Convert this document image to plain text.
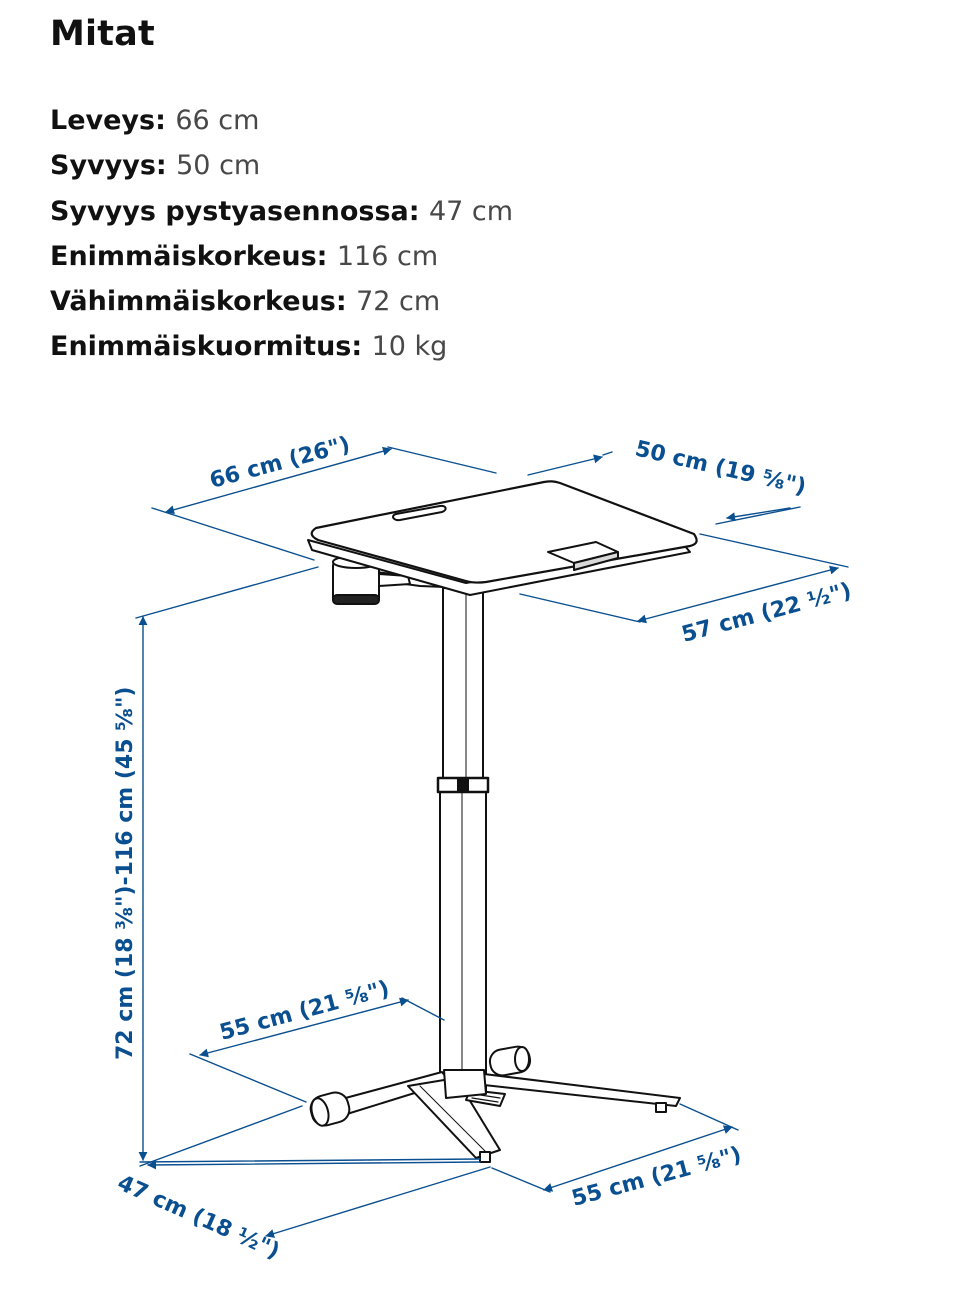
Mitat
Leveys: 66 cm
Syvyys: 50 cm
Syvyys pystyasennossa: 47 cm
Enimmäiskorkeus: 116 cm
Vähimmäiskorkeus: 72 cm
Enimmäiskuormitus: 10 kg
66 cm (26")	50 cm (19 ⅝")
57 cm (22 ½")
72 cm (18 ⅜")-116 cm (45 ⅝")	55 cm (21 ⅝")
55 cm (21 ⅝")
47 cm (18 ½")
